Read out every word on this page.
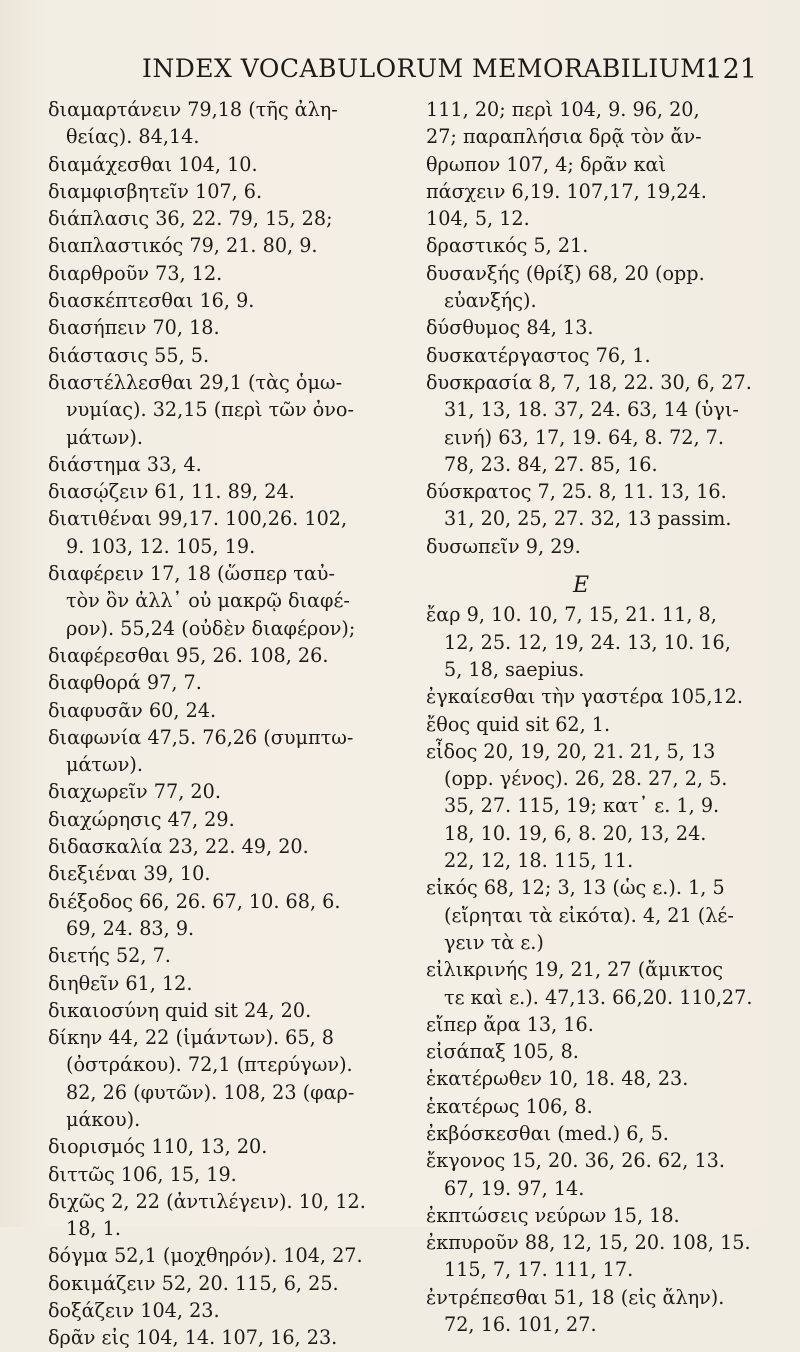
INDEX VOCABULORUM MEMORABILIUM.
121

διαμαρτάνειν 79,18 (τῆς ἀλη-

θείας). 84,14.

διαμάχεσθαι 104, 10.

διαμφισβητεῖν 107, 6.

διάπλασις 36, 22. 79, 15, 28;

διαπλαστικός 79, 21. 80, 9.

διαρθροῦν 73, 12.

διασκέπτεσθαι 16, 9.

διασήπειν 70, 18.

διάστασις 55, 5.

διαστέλλεσθαι 29,1 (τὰς ὁμω-

νυμίας). 32,15 (περὶ τῶν ὀνο-

μάτων).

διάστημα 33, 4.

διασῴζειν 61, 11. 89, 24.

διατιθέναι 99,17. 100,26. 102,

9. 103, 12. 105, 19.

διαφέρειν 17, 18 (ὥσπερ ταὐ-

τὸν ὂν ἀλλ᾽ οὐ μακρῷ διαφέ-

ρον). 55,24 (οὐδὲν διαφέρον);

διαφέρεσθαι 95, 26. 108, 26.

διαφθορά 97, 7.

διαφυσᾶν 60, 24.

διαφωνία 47,5. 76,26 (συμπτω-

μάτων).

διαχωρεῖν 77, 20.

διαχώρησις 47, 29.

διδασκαλία 23, 22. 49, 20.

διεξιέναι 39, 10.

διέξοδος 66, 26. 67, 10. 68, 6.

69, 24. 83, 9.

διετής 52, 7.

διηθεῖν 61, 12.

δικαιοσύνη quid sit 24, 20.

δίκην 44, 22 (ἱμάντων). 65, 8

(ὀστράκου). 72,1 (πτερύγων).

82, 26 (φυτῶν). 108, 23 (φαρ-

μάκου).

διορισμός 110, 13, 20.

διττῶς 106, 15, 19.

διχῶς 2, 22 (ἀντιλέγειν). 10, 12.

18, 1.

δόγμα 52,1 (μοχθηρόν). 104, 27.

δοκιμάζειν 52, 20. 115, 6, 25.

δοξάζειν 104, 23.

δρᾶν εἰς 104, 14. 107, 16, 23.

111, 20; περὶ 104, 9. 96, 20,

27; παραπλήσια δρᾷ τὸν ἄν-

θρωπον 107, 4; δρᾶν καὶ

πάσχειν 6,19. 107,17, 19,24.

104, 5, 12.

δραστικός 5, 21.

δυσανξής (θρίξ) 68, 20 (opp.

εὐανξής).

δύσθυμος 84, 13.

δυσκατέργαστος 76, 1.

δυσκρασία 8, 7, 18, 22. 30, 6, 27.

31, 13, 18. 37, 24. 63, 14 (ὑγι-

εινή) 63, 17, 19. 64, 8. 72, 7.

78, 23. 84, 27. 85, 16.

δύσκρατος 7, 25. 8, 11. 13, 16.

31, 20, 25, 27. 32, 13 passim.

δυσωπεῖν 9, 29.

E

ἔαρ 9, 10. 10, 7, 15, 21. 11, 8,

12, 25. 12, 19, 24. 13, 10. 16,

5, 18, saepius.

ἐγκαίεσθαι τὴν γαστέρα 105,12.

ἔθος quid sit 62, 1.

εἶδος 20, 19, 20, 21. 21, 5, 13

(opp. γένος). 26, 28. 27, 2, 5.

35, 27. 115, 19; κατ᾽ ε. 1, 9.

18, 10. 19, 6, 8. 20, 13, 24.

22, 12, 18. 115, 11.

εἰκός 68, 12; 3, 13 (ὡς ε.). 1, 5

(εἴρηται τὰ εἰκότα). 4, 21 (λέ-

γειν τὰ ε.)

εἰλικρινής 19, 21, 27 (ἄμικτος

τε καὶ ε.). 47,13. 66,20. 110,27.

εἴπερ ἄρα 13, 16.

εἰσάπαξ 105, 8.

ἑκατέρωθεν 10, 18. 48, 23.

ἑκατέρως 106, 8.

ἐκβόσκεσθαι (med.) 6, 5.

ἔκγονος 15, 20. 36, 26. 62, 13.

67, 19. 97, 14.

ἐκπτώσεις νεύρων 15, 18.

ἐκπυροῦν 88, 12, 15, 20. 108, 15.

115, 7, 17. 111, 17.

ἐντρέπεσθαι 51, 18 (εἰς ἄλην).

72, 16. 101, 27.
